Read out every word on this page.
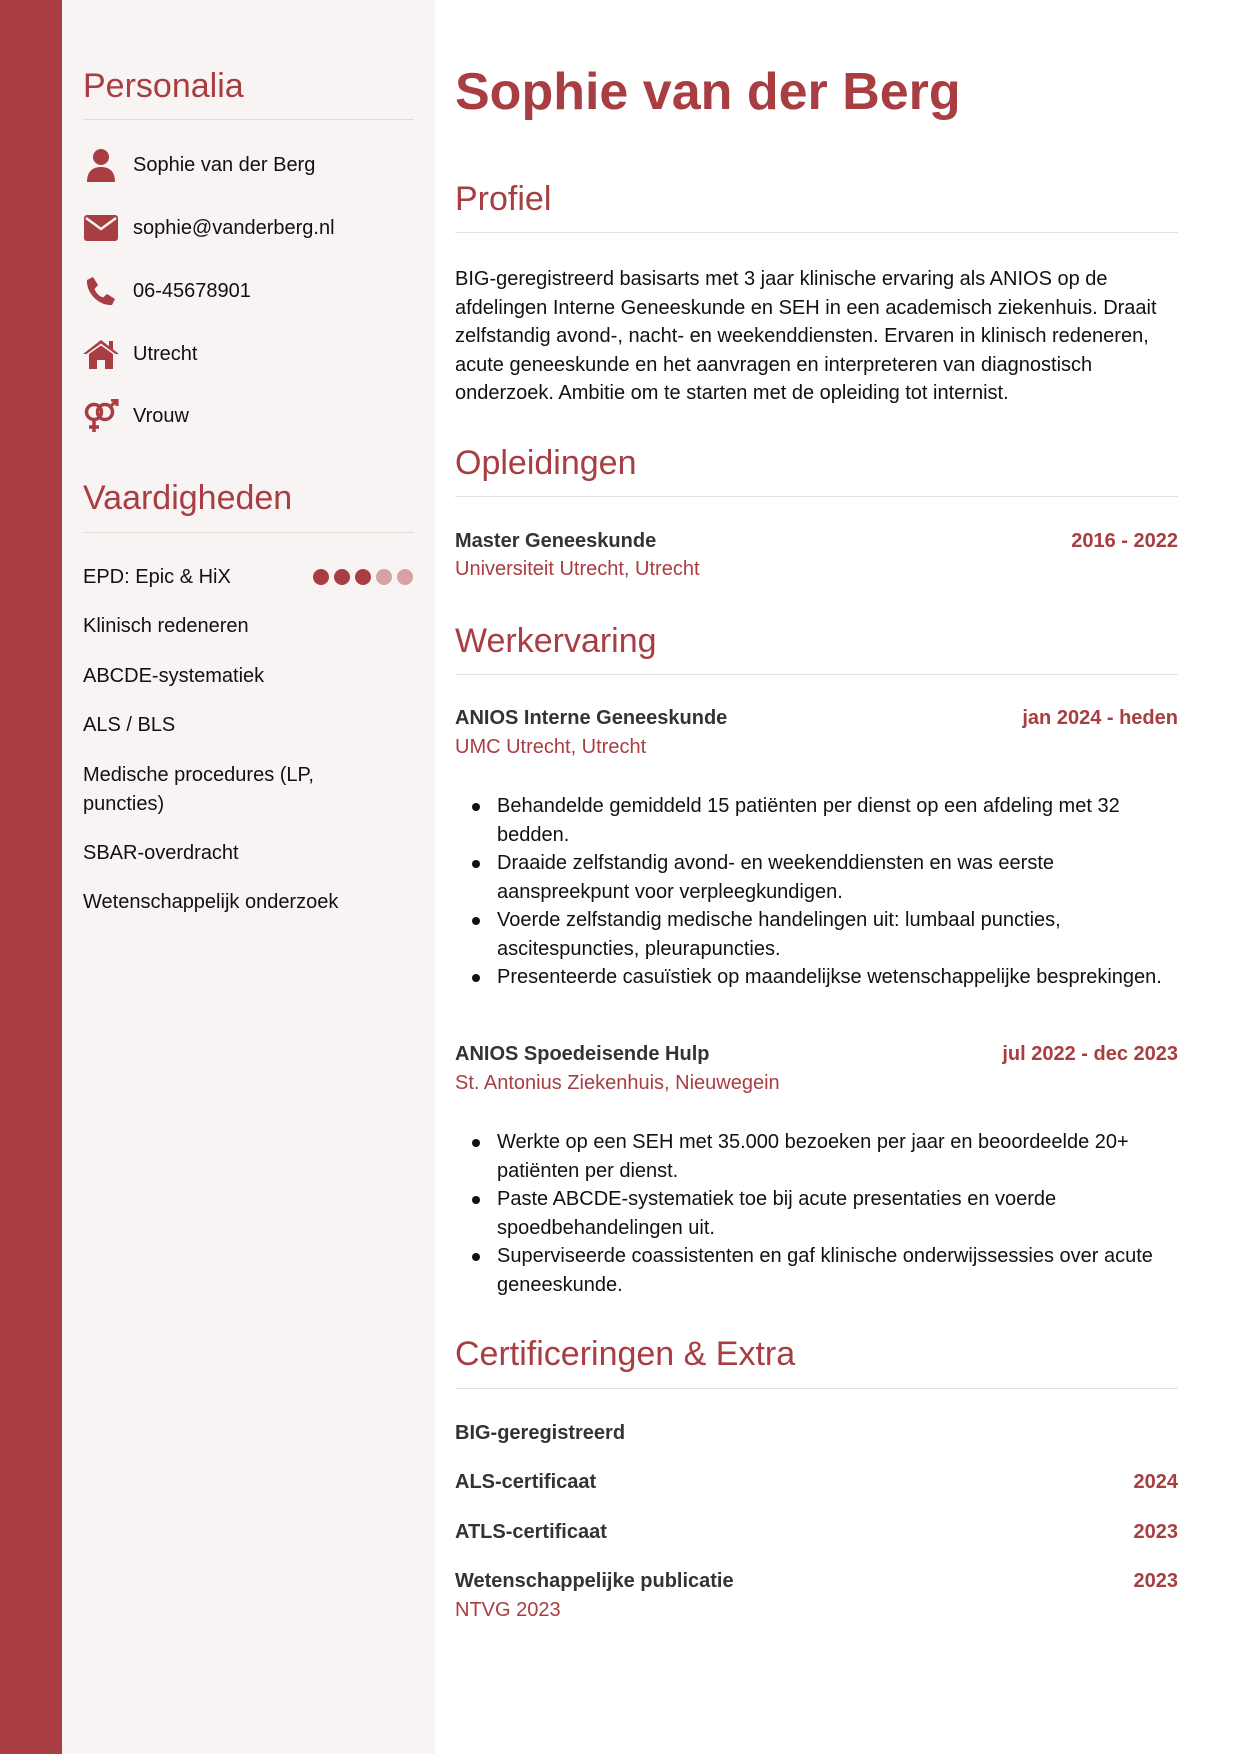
Personalia
Sophie van der Berg
sophie@vanderberg.nl
06-45678901
Utrecht
Vrouw
Vaardigheden
EPD: Epic & HiX
Klinisch redeneren
ABCDE-systematiek
ALS / BLS
Medische procedures (LP, puncties)
SBAR-overdracht
Wetenschappelijk onderzoek
Sophie van der Berg
Profiel

BIG-geregistreerd basisarts met 3 jaar klinische ervaring als ANIOS op de afdelingen Interne Geneeskunde en SEH in een academisch ziekenhuis. Draait zelfstandig avond-, nacht- en weekenddiensten. Ervaren in klinisch redeneren, acute geneeskunde en het aanvragen en interpreteren van diagnostisch onderzoek. Ambitie om te starten met de opleiding tot internist.

Opleidingen
Master Geneeskunde	2016 - 2022
Universiteit Utrecht, Utrecht
Werkervaring
ANIOS Interne Geneeskunde	jan 2024 - heden
UMC Utrecht, Utrecht
Behandelde gemiddeld 15 patiënten per dienst op een afdeling met 32 bedden.
Draaide zelfstandig avond- en weekenddiensten en was eerste aanspreekpunt voor verpleegkundigen.
Voerde zelfstandig medische handelingen uit: lumbaal puncties, ascitespuncties, pleurapuncties.
Presenteerde casuïstiek op maandelijkse wetenschappelijke besprekingen.
ANIOS Spoedeisende Hulp	jul 2022 - dec 2023
St. Antonius Ziekenhuis, Nieuwegein
Werkte op een SEH met 35.000 bezoeken per jaar en beoordeelde 20+ patiënten per dienst.
Paste ABCDE-systematiek toe bij acute presentaties en voerde spoedbehandelingen uit.
Superviseerde coassistenten en gaf klinische onderwijssessies over acute geneeskunde.
Certificeringen & Extra
BIG-geregistreerd
ALS-certificaat	2024
ATLS-certificaat	2023
Wetenschappelijke publicatie	2023
NTVG 2023
